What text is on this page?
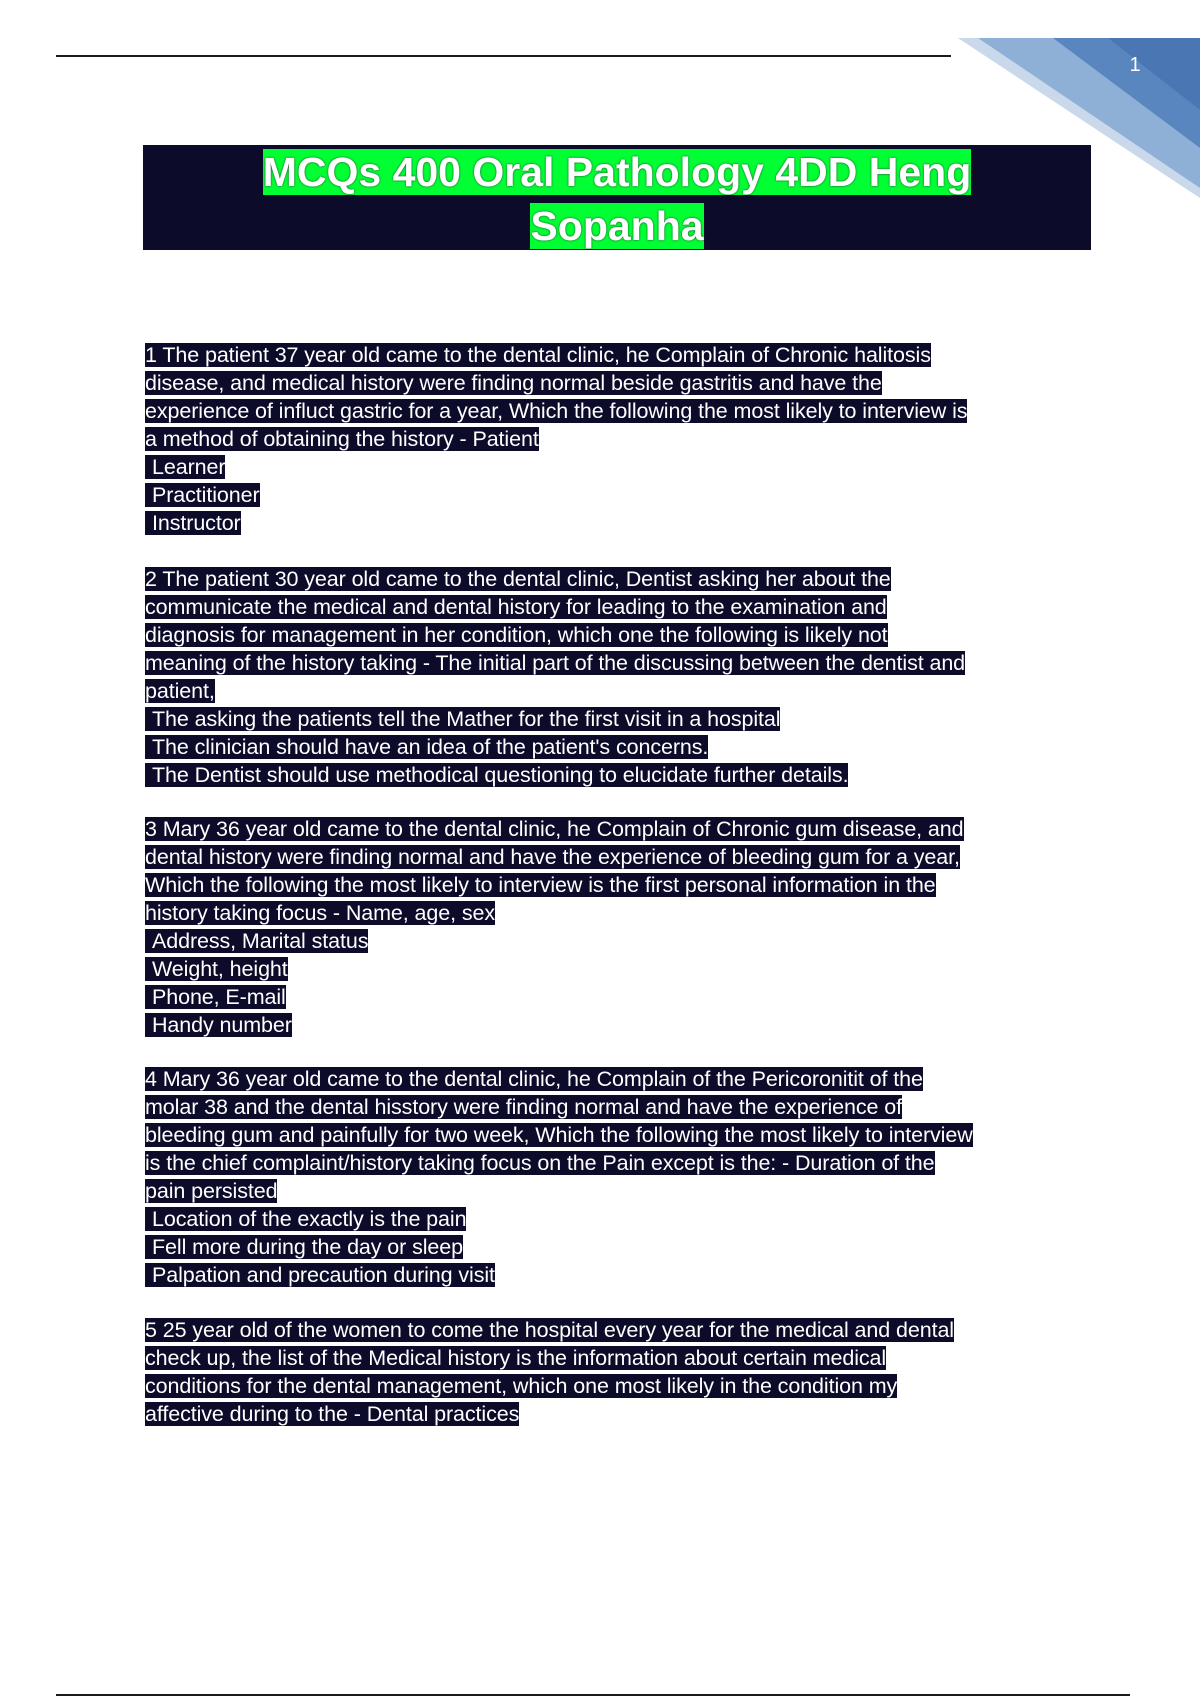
1
MCQs 400 Oral Pathology 4DD Heng
Sopanha
1 The patient 37 year old came to the dental clinic, he Complain of Chronic halitosis
disease, and medical history were finding normal beside gastritis and have the
experience of influct gastric for a year, Which the following the most likely to interview is
a method of obtaining the history - Patient
Learner
Practitioner
Instructor
2 The patient 30 year old came to the dental clinic, Dentist asking her about the
communicate the medical and dental history for leading to the examination and
diagnosis for management in her condition, which one the following is likely not
meaning of the history taking - The initial part of the discussing between the dentist and
patient,
The asking the patients tell the Mather for the first visit in a hospital
The clinician should have an idea of the patient's concerns.
The Dentist should use methodical questioning to elucidate further details.
3 Mary 36 year old came to the dental clinic, he Complain of Chronic gum disease, and
dental history were finding normal and have the experience of bleeding gum for a year,
Which the following the most likely to interview is the first personal information in the
history taking focus - Name, age, sex
Address, Marital status
Weight, height
Phone, E-mail
Handy number
4 Mary 36 year old came to the dental clinic, he Complain of the Pericoronitit of the
molar 38 and the dental hisstory were finding normal and have the experience of
bleeding gum and painfully for two week, Which the following the most likely to interview
is the chief complaint/history taking focus on the Pain except is the: - Duration of the
pain persisted
Location of the exactly is the pain
Fell more during the day or sleep
Palpation and precaution during visit
5 25 year old of the women to come the hospital every year for the medical and dental
check up, the list of the Medical history is the information about certain medical
conditions for the dental management, which one most likely in the condition my
affective during to the - Dental practices
